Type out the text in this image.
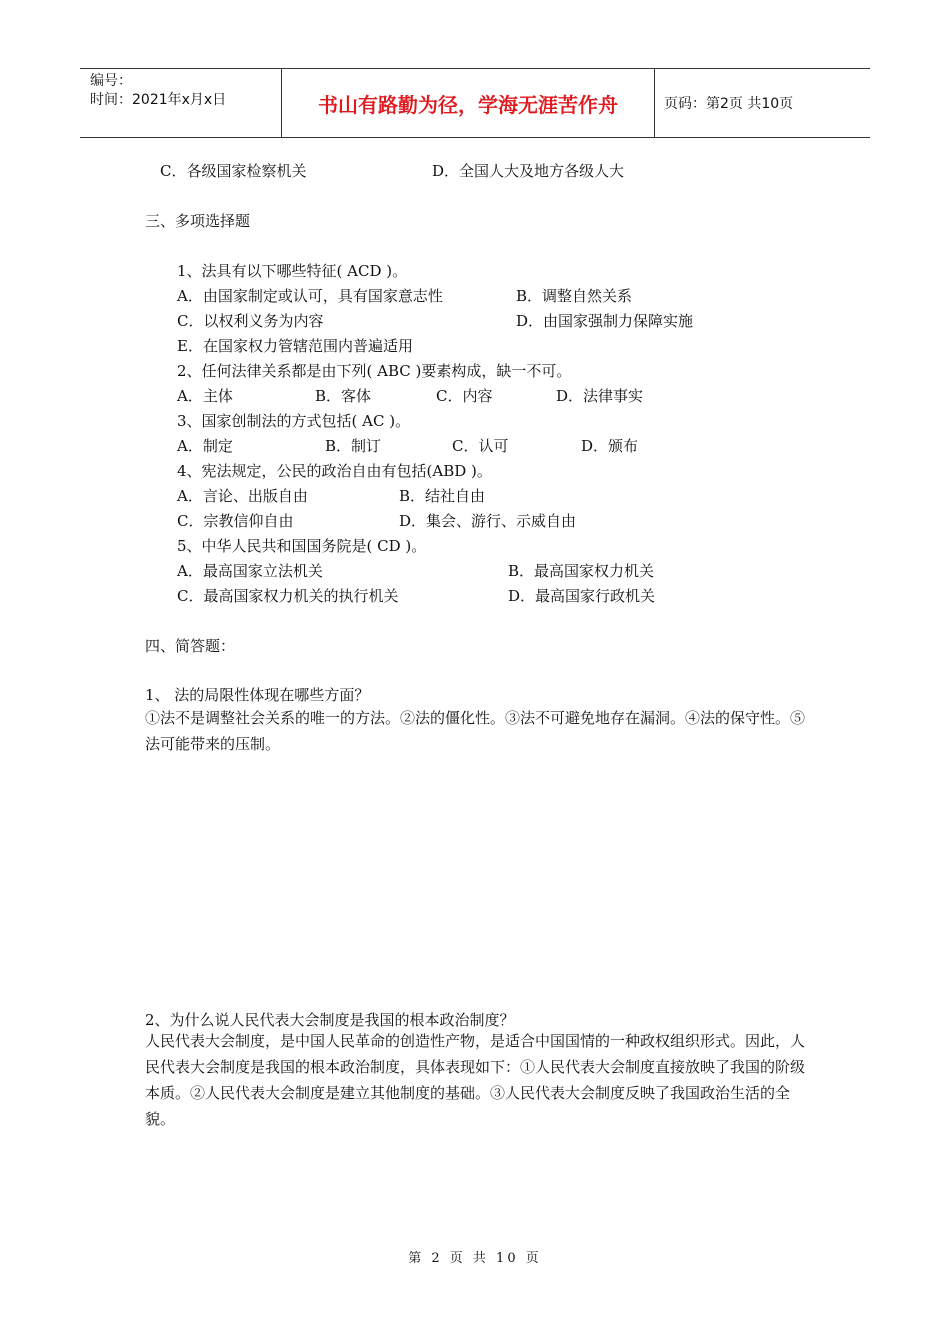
编号：
时间：2021年x月x日	书山有路勤为径，学海无涯苦作舟	页码：第2页 共10页
C．各级国家检察机关	D．全国人大及地方各级人大
三、多项选择题
1、法具有以下哪些特征( ACD )。
A．由国家制定或认可，具有国家意志性	B．调整自然关系
C．以权利义务为内容	D．由国家强制力保障实施
E．在国家权力管辖范围内普遍适用
2、任何法律关系都是由下列( ABC )要素构成，缺一不可。
A．主体	B．客体	C．内容	D．法律事实
3、国家创制法的方式包括( AC )。
A．制定	B．制订	C．认可	D．颁布
4、宪法规定，公民的政治自由有包括(ABD )。
A．言论、出版自由	B．结社自由
C．宗教信仰自由	D．集会、游行、示威自由
5、中华人民共和国国务院是( CD )。
A．最高国家立法机关	B．最高国家权力机关
C．最高国家权力机关的执行机关	D．最高国家行政机关
四、简答题：
1、 法的局限性体现在哪些方面？
①法不是调整社会关系的唯一的方法。②法的僵化性。③法不可避免地存在漏洞。④法的保守性。⑤法可能带来的压制。
2、为什么说人民代表大会制度是我国的根本政治制度？
人民代表大会制度，是中国人民革命的创造性产物，是适合中国国情的一种政权组织形式。因此，人民代表大会制度是我国的根本政治制度，具体表现如下：①人民代表大会制度直接放映了我国的阶级本质。②人民代表大会制度是建立其他制度的基础。③人民代表大会制度反映了我国政治生活的全貌。
第 2 页 共 10 页
